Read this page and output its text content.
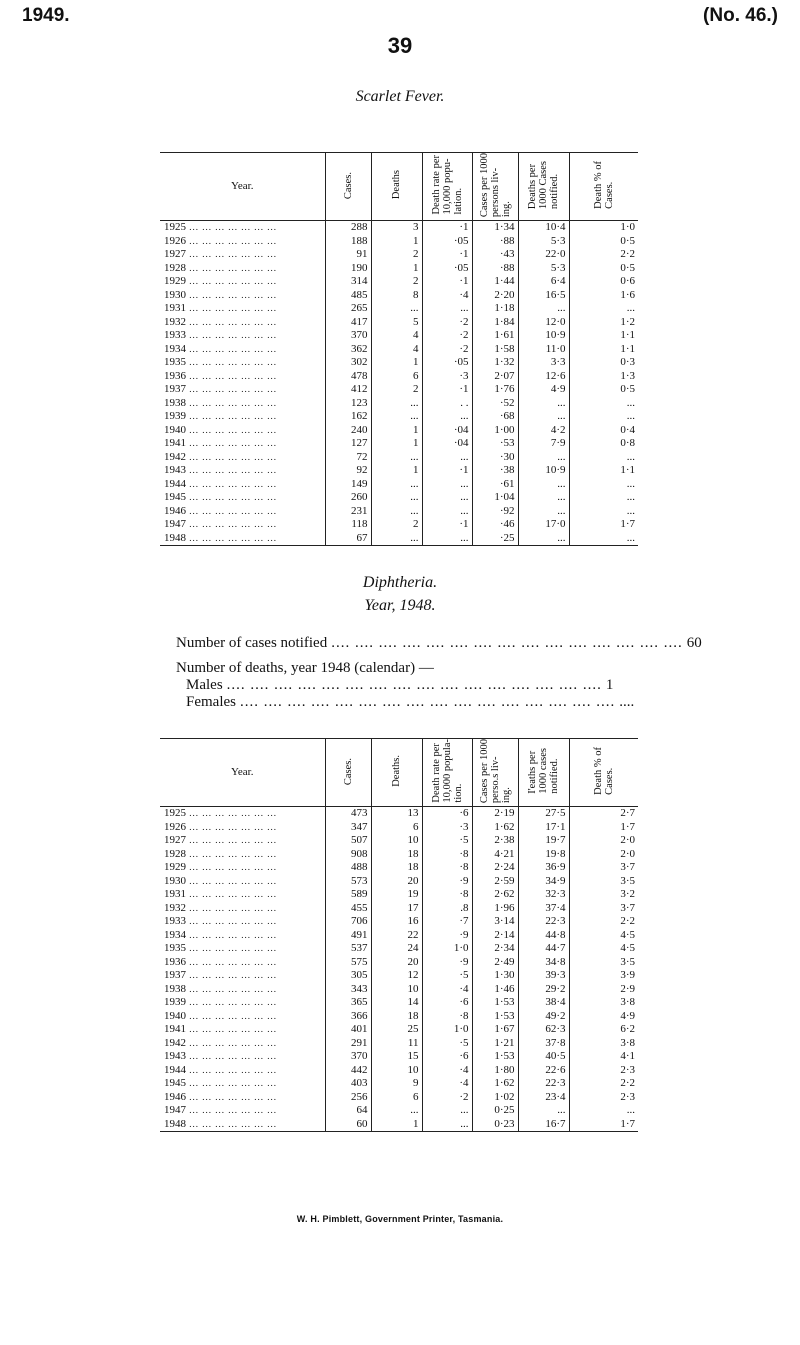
1949.	(No. 46.)
39
Scarlet Fever.
Year.	Cases.	Deaths	Death rate per
10,000 popu-
lation.	Cases per 1000
persons liv-
ing.	Deaths per
1000 Cases
notified.	Death % of
Cases.
1925 ... ... ... ... ... ... ...	288	3	·1	1·34	10·4	1·0
1926 ... ... ... ... ... ... ...	188	1	·05	·88	5·3	0·5
1927 ... ... ... ... ... ... ...	91	2	·1	·43	22·0	2·2
1928 ... ... ... ... ... ... ...	190	1	·05	·88	5·3	0·5
1929 ... ... ... ... ... ... ...	314	2	·1	1·44	6·4	0·6
1930 ... ... ... ... ... ... ...	485	8	·4	2·20	16·5	1·6
1931 ... ... ... ... ... ... ...	265	...	...	1·18	...	...
1932 ... ... ... ... ... ... ...	417	5	·2	1·84	12·0	1·2
1933 ... ... ... ... ... ... ...	370	4	·2	1·61	10·9	1·1
1934 ... ... ... ... ... ... ...	362	4	·2	1·58	11·0	1·1
1935 ... ... ... ... ... ... ...	302	1	·05	1·32	3·3	0·3
1936 ... ... ... ... ... ... ...	478	6	·3	2·07	12·6	1·3
1937 ... ... ... ... ... ... ...	412	2	·1	1·76	4·9	0·5
1938 ... ... ... ... ... ... ...	123	...	. .	·52	...	...
1939 ... ... ... ... ... ... ...	162	...	...	·68	...	...
1940 ... ... ... ... ... ... ...	240	1	·04	1·00	4·2	0·4
1941 ... ... ... ... ... ... ...	127	1	·04	·53	7·9	0·8
1942 ... ... ... ... ... ... ...	72	...	...	·30	...	...
1943 ... ... ... ... ... ... ...	92	1	·1	·38	10·9	1·1
1944 ... ... ... ... ... ... ...	149	...	...	·61	...	...
1945 ... ... ... ... ... ... ...	260	...	...	1·04	...	...
1946 ... ... ... ... ... ... ...	231	...	...	·92	...	...
1947 ... ... ... ... ... ... ...	118	2	·1	·46	17·0	1·7
1948 ... ... ... ... ... ... ...	67	...	...	·25	...	...
Diphtheria.
Year, 1948.
Number of cases notified .... .... .... .... .... .... .... .... .... .... .... .... .... .... .... 60
Number of deaths, year 1948 (calendar) —
Males .... .... .... .... .... .... .... .... .... .... .... .... .... .... .... .... 1
Females .... .... .... .... .... .... .... .... .... .... .... .... .... .... .... .... ....
Year.	Cases.	Deaths.	Death rate per
10,000 popula-
tion.	Cases per 1000
perso.s liv-
ing.	I'eaths per
1000 cases
notified.	Death % of
Cases.
1925 ... ... ... ... ... ... ...	473	13	·6	2·19	27·5	2·7
1926 ... ... ... ... ... ... ...	347	6	·3	1·62	17·1	1·7
1927 ... ... ... ... ... ... ...	507	10	·5	2·38	19·7	2·0
1928 ... ... ... ... ... ... ...	908	18	·8	4·21	19·8	2·0
1929 ... ... ... ... ... ... ...	488	18	·8	2·24	36·9	3·7
1930 ... ... ... ... ... ... ...	573	20	·9	2·59	34·9	3·5
1931 ... ... ... ... ... ... ...	589	19	·8	2·62	32·3	3·2
1932 ... ... ... ... ... ... ...	455	17	.8	1·96	37·4	3·7
1933 ... ... ... ... ... ... ...	706	16	·7	3·14	22·3	2·2
1934 ... ... ... ... ... ... ...	491	22	·9	2·14	44·8	4·5
1935 ... ... ... ... ... ... ...	537	24	1·0	2·34	44·7	4·5
1936 ... ... ... ... ... ... ...	575	20	·9	2·49	34·8	3·5
1937 ... ... ... ... ... ... ...	305	12	·5	1·30	39·3	3·9
1938 ... ... ... ... ... ... ...	343	10	·4	1·46	29·2	2·9
1939 ... ... ... ... ... ... ...	365	14	·6	1·53	38·4	3·8
1940 ... ... ... ... ... ... ...	366	18	·8	1·53	49·2	4·9
1941 ... ... ... ... ... ... ...	401	25	1·0	1·67	62·3	6·2
1942 ... ... ... ... ... ... ...	291	11	·5	1·21	37·8	3·8
1943 ... ... ... ... ... ... ...	370	15	·6	1·53	40·5	4·1
1944 ... ... ... ... ... ... ...	442	10	·4	1·80	22·6	2·3
1945 ... ... ... ... ... ... ...	403	9	·4	1·62	22·3	2·2
1946 ... ... ... ... ... ... ...	256	6	·2	1·02	23·4	2·3
1947 ... ... ... ... ... ... ...	64	...	...	0·25	...	...
1948 ... ... ... ... ... ... ...	60	1	...	0·23	16·7	1·7
W. H. Pimblett, Government Printer, Tasmania.
